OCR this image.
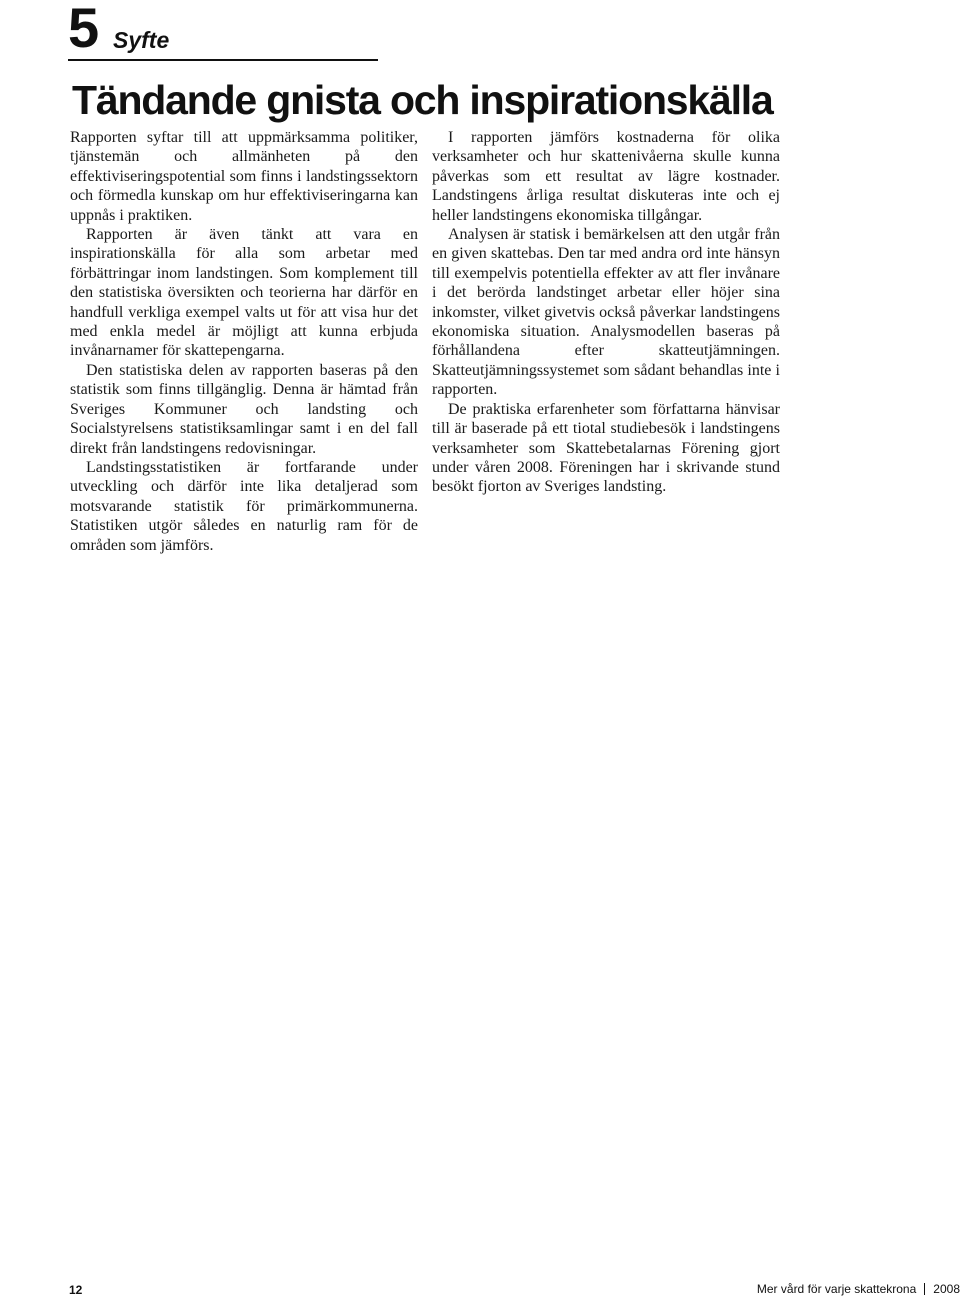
5 Syfte
Tändande gnista och inspirationskälla

Rapporten syftar till att uppmärksamma politiker, tjänstemän och allmänheten på den effektiviseringspotential som finns i landstingssektorn och förmedla kunskap om hur effektiviseringarna kan uppnås i praktiken.

Rapporten är även tänkt att vara en inspirationskälla för alla som arbetar med förbättringar inom landstingen. Som komplement till den statistiska översikten och teorierna har därför en handfull verkliga exempel valts ut för att visa hur det med enkla medel är möjligt att kunna erbjuda invånarnamer för skattepengarna.

Den statistiska delen av rapporten baseras på den statistik som finns tillgänglig. Denna är hämtad från Sveriges Kommuner och landsting och Socialstyrelsens statistiksamlingar samt i en del fall direkt från landstingens redovisningar.

Landstingsstatistiken är fortfarande under utveckling och därför inte lika detaljerad som motsvarande statistik för primärkommunerna. Statistiken utgör således en naturlig ram för de områden som jämförs.

I rapporten jämförs kostnaderna för olika verksamheter och hur skattenivåerna skulle kunna påverkas som ett resultat av lägre kostnader. Landstingens årliga resultat diskuteras inte och ej heller landstingens ekonomiska tillgångar.

Analysen är statisk i bemärkelsen att den utgår från en given skattebas. Den tar med andra ord inte hänsyn till exempelvis potentiella effekter av att fler invånare i det berörda landstinget arbetar eller höjer sina inkomster, vilket givetvis också påverkar landstingens ekonomiska situation. Analysmodellen baseras på förhållandena efter skatteutjämningen. Skatteutjämningssystemet som sådant behandlas inte i rapporten.

De praktiska erfarenheter som författarna hänvisar till är baserade på ett tiotal studiebesök i landstingens verksamheter som Skattebetalarnas Förening gjort under våren 2008. Föreningen har i skrivande stund besökt fjorton av Sveriges landsting.

12	Mer vård för varje skattekrona 2008
